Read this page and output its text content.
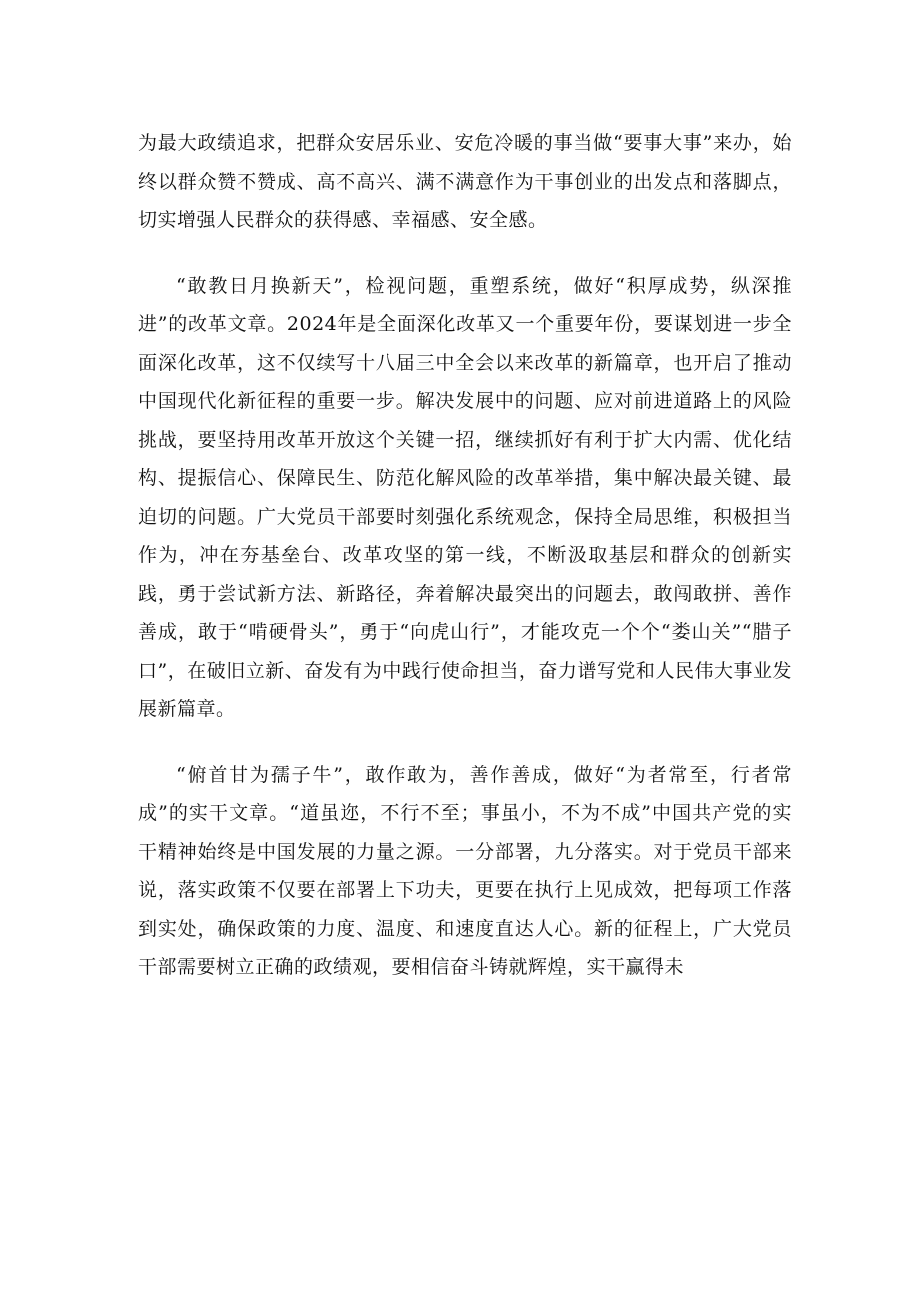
为最大政绩追求，把群众安居乐业、安危冷暖的事当做“要事大事”来办，始终以群众赞不赞成、高不高兴、满不满意作为干事创业的出发点和落脚点，切实增强人民群众的获得感、幸福感、安全感。

“敢教日月换新天”，检视问题，重塑系统，做好“积厚成势，纵深推进”的改革文章。2024年是全面深化改革又一个重要年份，要谋划进一步全面深化改革，这不仅续写十八届三中全会以来改革的新篇章，也开启了推动中国现代化新征程的重要一步。解决发展中的问题、应对前进道路上的风险挑战，要坚持用改革开放这个关键一招，继续抓好有利于扩大内需、优化结构、提振信心、保障民生、防范化解风险的改革举措，集中解决最关键、最迫切的问题。广大党员干部要时刻强化系统观念，保持全局思维，积极担当作为，冲在夯基垒台、改革攻坚的第一线，不断汲取基层和群众的创新实践，勇于尝试新方法、新路径，奔着解决最突出的问题去，敢闯敢拼、善作善成，敢于“啃硬骨头”，勇于“向虎山行”，才能攻克一个个“娄山关”“腊子口”，在破旧立新、奋发有为中践行使命担当，奋力谱写党和人民伟大事业发展新篇章。

“俯首甘为孺子牛”，敢作敢为，善作善成，做好“为者常至，行者常成”的实干文章。“道虽迩，不行不至；事虽小，不为不成”中国共产党的实干精神始终是中国发展的力量之源。一分部署，九分落实。对于党员干部来说，落实政策不仅要在部署上下功夫，更要在执行上见成效，把每项工作落到实处，确保政策的力度、温度、和速度直达人心。新的征程上，广大党员干部需要树立正确的政绩观，要相信奋斗铸就辉煌，实干赢得未
